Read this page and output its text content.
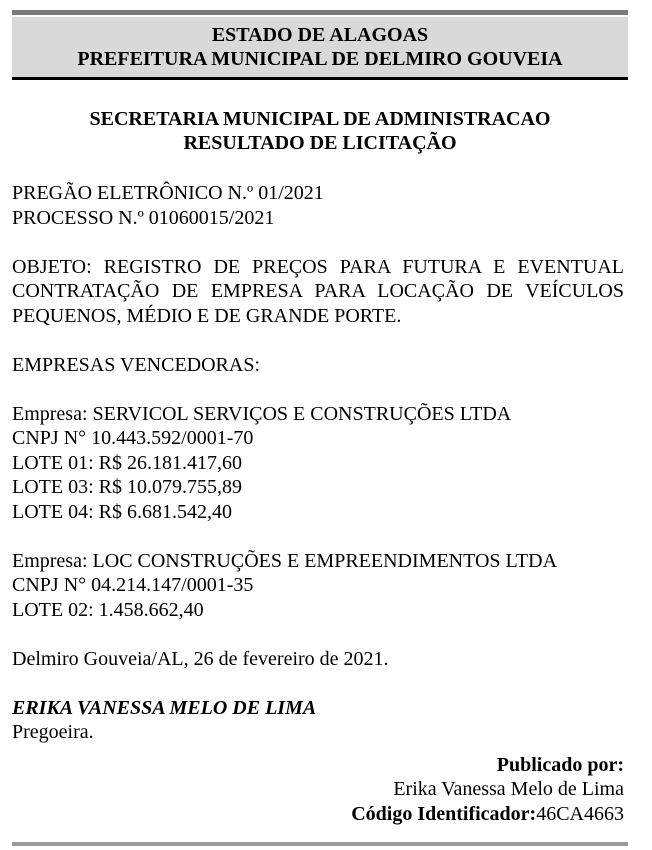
ESTADO DE ALAGOAS
PREFEITURA MUNICIPAL DE DELMIRO GOUVEIA
SECRETARIA MUNICIPAL DE ADMINISTRACAO
RESULTADO DE LICITAÇÃO
PREGÃO ELETRÔNICO N.º 01/2021
PROCESSO N.º 01060015/2021
OBJETO: REGISTRO DE PREÇOS PARA FUTURA E EVENTUAL CONTRATAÇÃO DE EMPRESA PARA LOCAÇÃO DE VEÍCULOS PEQUENOS, MÉDIO E DE GRANDE PORTE.
EMPRESAS VENCEDORAS:
Empresa: SERVICOL SERVIÇOS E CONSTRUÇÕES LTDA
CNPJ N° 10.443.592/0001-70
LOTE 01: R$ 26.181.417,60
LOTE 03: R$ 10.079.755,89
LOTE 04: R$ 6.681.542,40
Empresa: LOC CONSTRUÇÕES E EMPREENDIMENTOS LTDA
CNPJ N° 04.214.147/0001-35
LOTE 02: 1.458.662,40
Delmiro Gouveia/AL, 26 de fevereiro de 2021.
ERIKA VANESSA MELO DE LIMA
Pregoeira.
Publicado por:
Erika Vanessa Melo de Lima
Código Identificador:46CA4663
